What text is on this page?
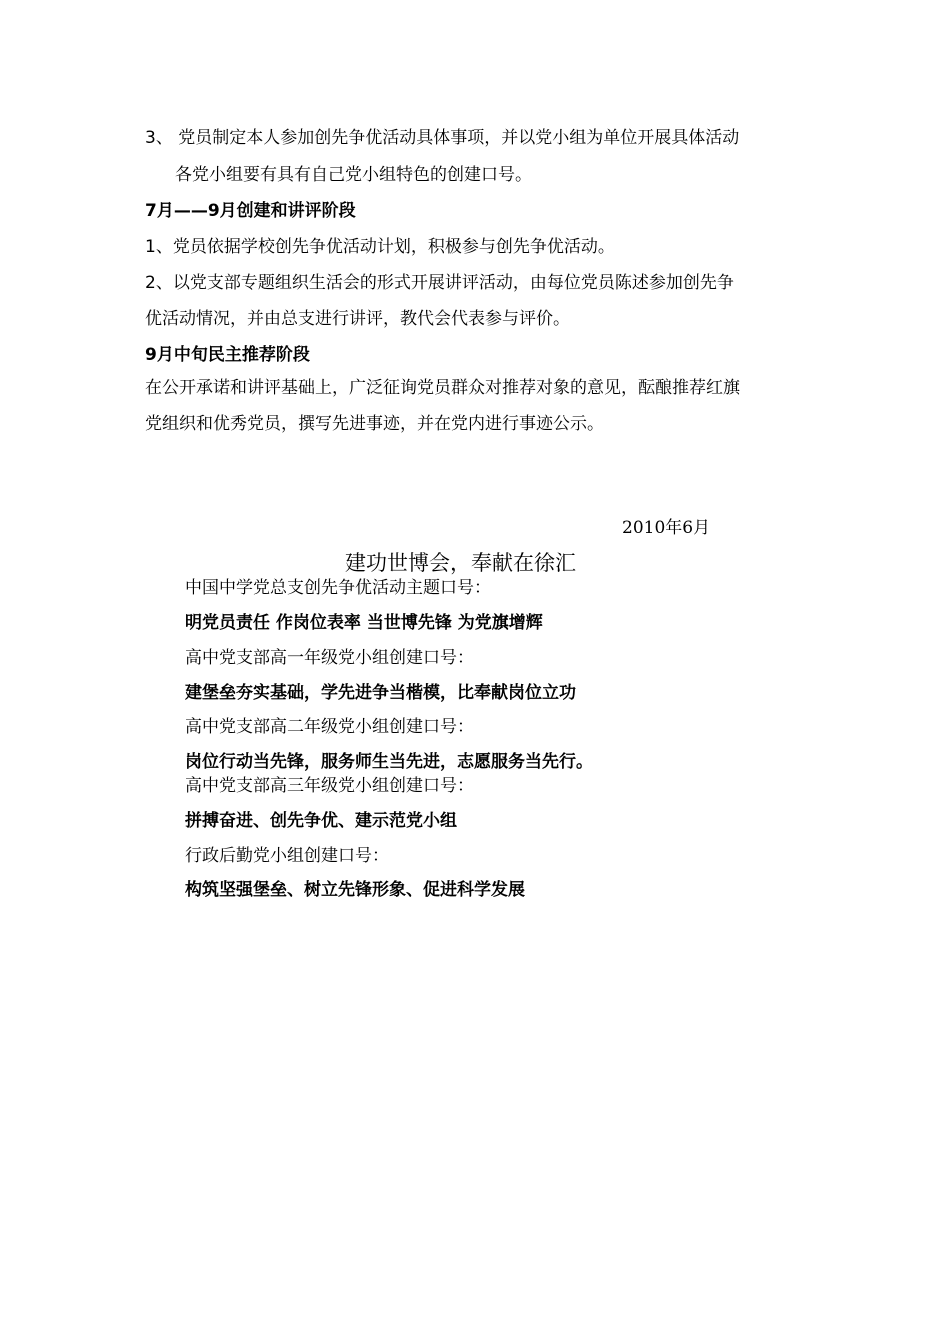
3、 党员制定本人参加创先争优活动具体事项，并以党小组为单位开展具体活动
各党小组要有具有自己党小组特色的创建口号。
7月——9月创建和讲评阶段
1、党员依据学校创先争优活动计划，积极参与创先争优活动。
2、以党支部专题组织生活会的形式开展讲评活动，由每位党员陈述参加创先争
优活动情况，并由总支进行讲评，教代会代表参与评价。
9月中旬民主推荐阶段
在公开承诺和讲评基础上，广泛征询党员群众对推荐对象的意见，酝酿推荐红旗
党组织和优秀党员，撰写先进事迹，并在党内进行事迹公示。
2010年6月
建功世博会，奉献在徐汇
中国中学党总支创先争优活动主题口号：
明党员责任 作岗位表率 当世博先锋 为党旗增辉
高中党支部高一年级党小组创建口号：
建堡垒夯实基础，学先进争当楷模，比奉献岗位立功
高中党支部高二年级党小组创建口号：
岗位行动当先锋，服务师生当先进，志愿服务当先行。
高中党支部高三年级党小组创建口号：
拼搏奋进、创先争优、建示范党小组
行政后勤党小组创建口号：
构筑坚强堡垒、树立先锋形象、促进科学发展
